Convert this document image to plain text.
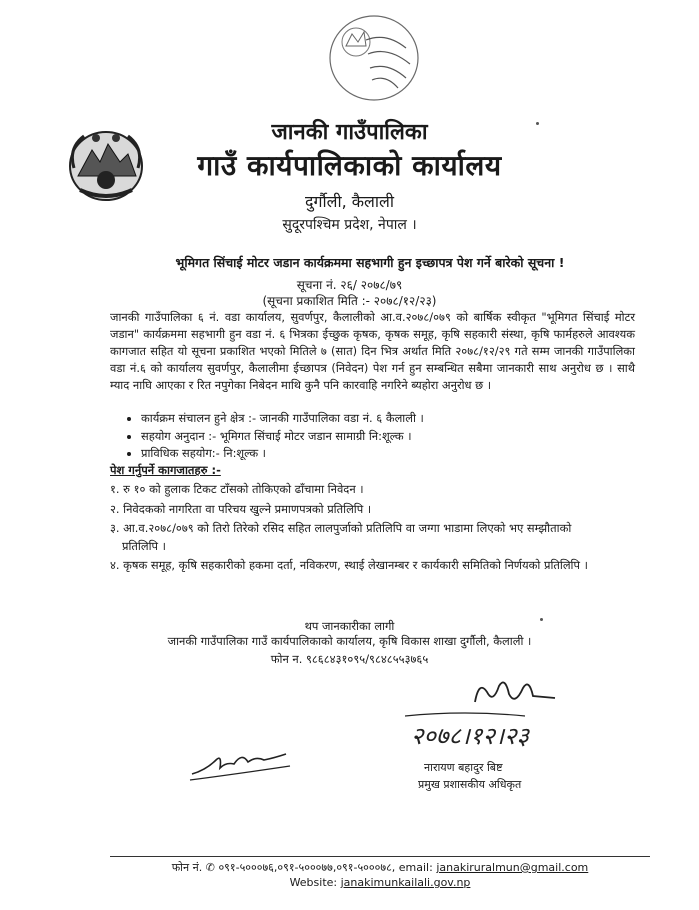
जानकी गाउँपालिका
गाउँ कार्यपालिकाको कार्यालय
दुर्गौली, कैलाली
सुदूरपश्चिम प्रदेश, नेपाल ।
भूमिगत सिंचाई मोटर जडान कार्यक्रममा सहभागी हुन इच्छापत्र पेश गर्ने बारेको सूचना !
सूचना नं. २६/ २०७८/७९
(सूचना प्रकाशित मिति :- २०७८/१२/२३)
जानकी गाउँपालिका ६ नं. वडा कार्यालय, सुवर्णपुर, कैलालीको आ.व.२०७८/०७९ को बार्षिक स्वीकृत "भूमिगत सिंचाई मोटर जडान" कार्यक्रममा सहभागी हुन वडा नं. ६ भित्रका ईच्छुक कृषक, कृषक समूह, कृषि सहकारी संस्था, कृषि फार्महरुले आवश्यक कागजात सहित यो सूचना प्रकाशित भएको मितिले ७ (सात) दिन भित्र अर्थात मिति २०७८/१२/२९ गते सम्म जानकी गाउँपालिका वडा नं.६ को कार्यालय सुवर्णपुर, कैलालीमा ईच्छापत्र (निवेदन) पेश गर्न हुन सम्बन्धित सबैमा जानकारी साथ अनुरोध छ । साथै म्याद नाघि आएका र रित नपुगेका निबेदन माथि कुनै पनि कारवाहि नगरिने ब्यहोरा अनुरोध छ ।
• कार्यक्रम संचालन हुने क्षेत्र :- जानकी गाउँपालिका वडा नं. ६ कैलाली ।
• सहयोग अनुदान :- भूमिगत सिंचाई मोटर जडान सामाग्री नि:शूल्क ।
• प्राविधिक सहयोग:- नि:शूल्क ।
पेश गर्नुपर्ने कागजातहरु :-
१. रु १० को हुलाक टिकट टाँसको तोकिएको ढाँचामा निवेदन ।
२. निवेदकको नागरिता वा परिचय खुल्ने प्रमाणपत्रको प्रतिलिपि ।
३. आ.व.२०७८/०७९ को तिरो तिरेको रसिद सहित लालपुर्जाको प्रतिलिपि वा जग्गा भाडामा लिएको भए सम्झौताको प्रतिलिपि ।
४. कृषक समूह, कृषि सहकारीको हकमा दर्ता, नविकरण, स्थाई लेखानम्बर र कार्यकारी समितिको निर्णयको प्रतिलिपि ।
थप जानकारीका लागी
जानकी गाउँपालिका गाउँ कार्यपालिकाको कार्यालय, कृषि विकास शाखा दुर्गौली, कैलाली ।
फोन न. ९८६८४३१०९५/९८४८५५३७६५
२०७८।१२।२३
नारायण बहादुर बिष्ट
प्रमुख प्रशासकीय अधिकृत
फोन नं. ✆ ०९१-५०००७६,०९१-५०००७७,०९१-५०००७८, email: janakiruralmun@gmail.com
Website: janakimunkailali.gov.np
